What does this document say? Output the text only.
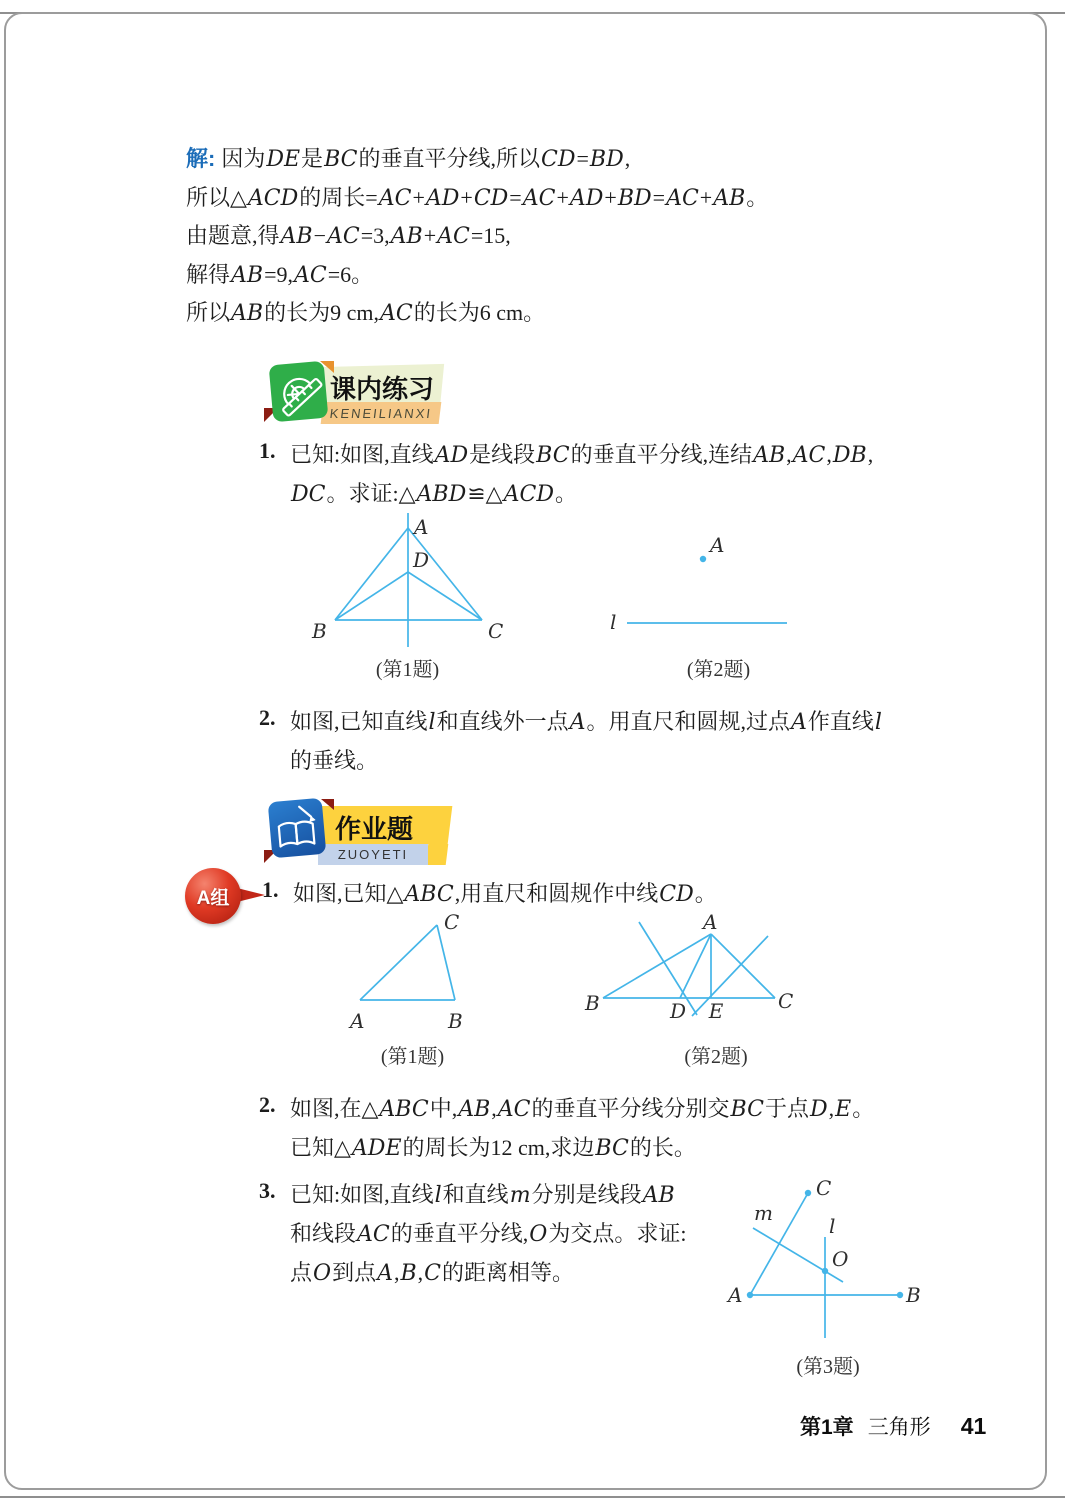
解: 因为DE是BC的垂直平分线,所以CD=BD,
所以△ACD的周长=AC+AD+CD=AC+AD+BD=AC+AB。
由题意,得AB−AC=3,AB+AC=15,
解得AB=9,AC=6。
所以AB的长为9 cm,AC的长为6 cm。
KENEILIANXI
课内练习
1. 已知:如图,直线AD是线段BC的垂直平分线,连结AB,AC,DB,
DC。求证:△ABD≌△ACD。
A
D
B	C
(第1题)
A
l
(第2题)
2. 如图,已知直线l和直线外一点A。用直尺和圆规,过点A作直线l
的垂线。
ZUOYETI
作业题
A组	1. 如图,已知△ABC,用直尺和圆规作中线CD。
C
A	B
(第1题)
A
B	C
D E
(第2题)
2. 如图,在△ABC中,AB,AC的垂直平分线分别交BC于点D,E。
已知△ADE的周长为12 cm,求边BC的长。
3. 已知:如图,直线l和直线m分别是线段AB
和线段AC的垂直平分线,O为交点。求证:
点O到点A,B,C的距离相等。
C
m
l
O
A	B
(第3题)
第1章 三角形 41
